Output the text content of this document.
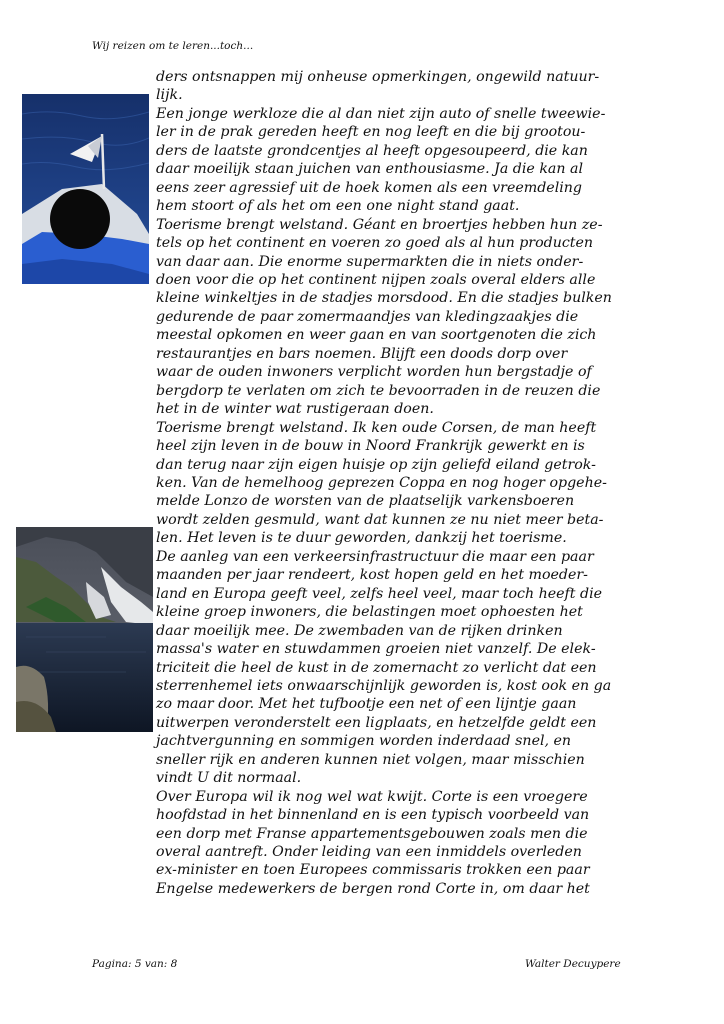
Wij reizen om te leren...toch...
ders ontsnappen mij onheuse opmerkingen, ongewild natuur-
lijk.
Een jonge werkloze die al dan niet zijn auto of snelle tweewie-
ler in de prak gereden heeft en nog leeft en die bij grootou-
ders de laatste grondcentjes al heeft opgesoupeerd, die kan
daar moeilijk staan juichen van enthousiasme. Ja die kan al
eens zeer agressief uit de hoek komen als een vreemdeling
hem stoort of als het om een one night stand gaat.
Toerisme brengt welstand. Géant en broertjes hebben hun ze-
tels op het continent en voeren zo goed als al hun producten
van daar aan. Die enorme supermarkten die in niets onder-
doen voor die op het continent nijpen zoals overal elders alle
kleine winkeltjes in de stadjes morsdood. En die stadjes bulken
gedurende de paar zomermaandjes van kledingzaakjes die
meestal opkomen en weer gaan en van soortgenoten die zich
restaurantjes en bars noemen. Blijft een doods dorp over
waar de ouden inwoners verplicht worden hun bergstadje of
bergdorp te verlaten om zich te bevoorraden in de reuzen die
het in de winter wat rustigeraan doen.
Toerisme brengt welstand. Ik ken oude Corsen, de man heeft
heel zijn leven in de bouw in Noord Frankrijk gewerkt en is
dan terug naar zijn eigen huisje op zijn geliefd eiland getrok-
ken. Van de hemelhoog geprezen Coppa en nog hoger opgehe-
melde Lonzo de worsten van de plaatselijk varkensboeren
wordt zelden gesmuld, want dat kunnen ze nu niet meer beta-
len. Het leven is te duur geworden, dankzij het toerisme.
De aanleg van een verkeersinfrastructuur die maar een paar
maanden per jaar rendeert, kost hopen geld en het moeder-
land en Europa geeft veel, zelfs heel veel, maar toch heeft die
kleine groep inwoners, die belastingen moet ophoesten het
daar moeilijk mee. De zwembaden van de rijken drinken
massa's water en stuwdammen groeien niet vanzelf. De elek-
triciteit die heel de kust in de zomernacht zo verlicht dat een
sterrenhemel iets onwaarschijnlijk geworden is, kost ook en ga
zo maar door. Met het tufbootje een net of een lijntje gaan
uitwerpen veronderstelt een ligplaats, en hetzelfde geldt een
jachtvergunning en sommigen worden inderdaad snel, en
sneller rijk en anderen kunnen niet volgen, maar misschien
vindt U dit normaal.
Over Europa wil ik nog wel wat kwijt. Corte is een vroegere
hoofdstad in het binnenland en is een typisch voorbeeld van
een dorp met Franse appartementsgebouwen zoals men die
overal aantreft. Onder leiding van een inmiddels overleden
ex-minister en toen Europees commissaris trokken een paar
Engelse medewerkers de bergen rond Corte in, om daar het
Pagina: 5 van: 8	Walter Decuypere
